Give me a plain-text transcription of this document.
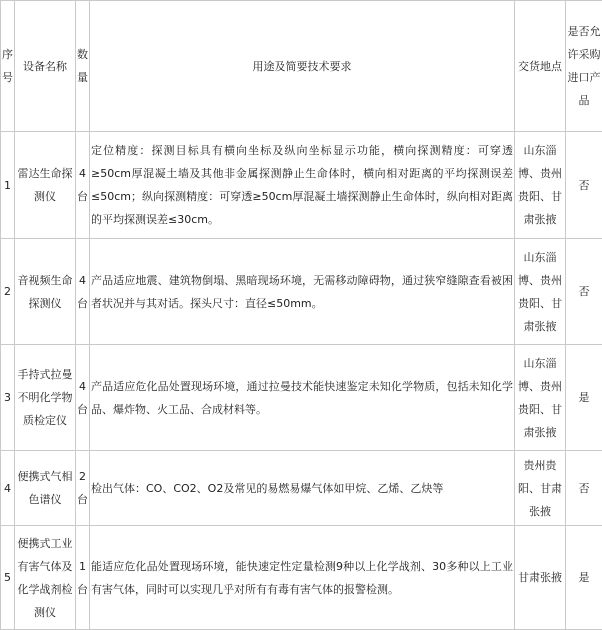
序号	设备名称	数量	用途及简要技术要求	交货地点	是否允许采购进口产品
1	雷达生命探测仪	4台	定位精度：探测目标具有横向坐标及纵向坐标显示功能，横向探测精度：可穿透≥50cm厚混凝土墙及其他非金属探测静止生命体时，横向相对距离的平均探测误差≤50cm；纵向探测精度：可穿透≥50cm厚混凝土墙探测静止生命体时，纵向相对距离的平均探测误差≤30cm。	山东淄博、贵州贵阳、甘肃张掖	否
2	音视频生命探测仪	4台	产品适应地震、建筑物倒塌、黑暗现场环境，无需移动障碍物，通过狭窄缝隙查看被困者状况并与其对话。探头尺寸：直径≤50mm。	山东淄博、贵州贵阳、甘肃张掖	否
3	手持式拉曼不明化学物质检定仪	4台	产品适应危化品处置现场环境，通过拉曼技术能快速鉴定未知化学物质，包括未知化学品、爆炸物、火工品、合成材料等。	山东淄博、贵州贵阳、甘肃张掖	是
4	便携式气相色谱仪	2台	检出气体：CO、CO2、O2及常见的易燃易爆气体如甲烷、乙烯、乙炔等	贵州贵阳、甘肃张掖	否
5	便携式工业有害气体及化学战剂检测仪	1台	能适应危化品处置现场环境，能快速定性定量检测9种以上化学战剂、30多种以上工业有害气体，同时可以实现几乎对所有有毒有害气体的报警检测。	甘肃张掖	是
